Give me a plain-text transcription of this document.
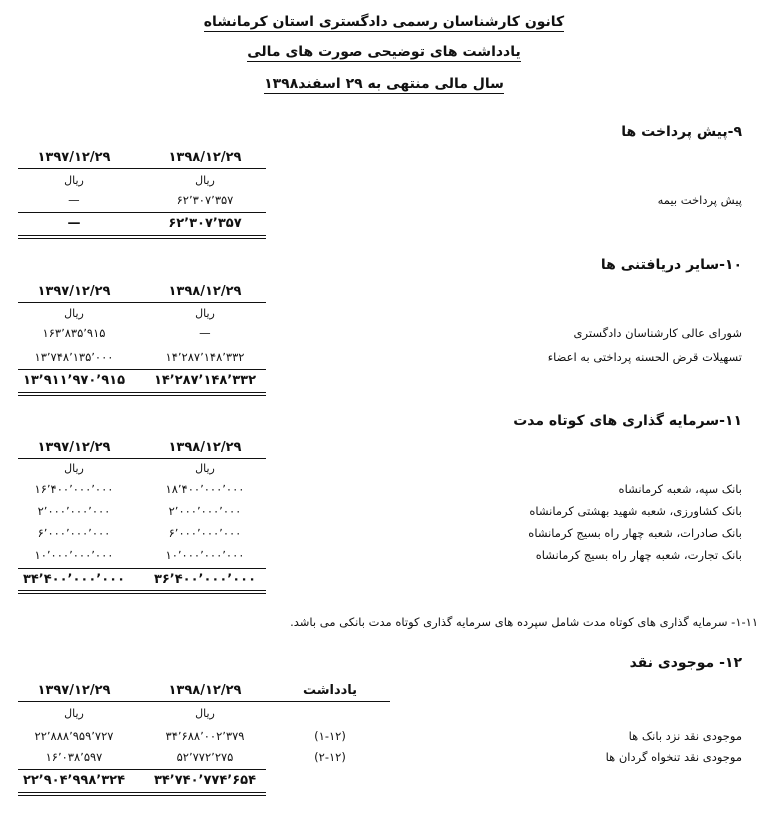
کانون کارشناسان رسمی دادگستری استان کرمانشاه
یادداشت های توضیحی صورت های مالی
سال مالی منتهی به ۲۹ اسفند۱۳۹۸
۹-پیش پرداخت ها
۱۳۹۸/۱۲/۲۹
۱۳۹۷/۱۲/۲۹
ریال
ریال
پیش پرداخت بیمه
۶۲٬۳۰۷٬۳۵۷
—
۶۲٬۳۰۷٬۳۵۷
—
۱۰-سایر دریافتنی ها
۱۳۹۸/۱۲/۲۹
۱۳۹۷/۱۲/۲۹
ریال
ریال
شورای عالی کارشناسان دادگستری
—
۱۶۳٬۸۳۵٬۹۱۵
تسهیلات قرض الحسنه پرداختی به اعضاء
۱۴٬۲۸۷٬۱۴۸٬۳۳۲
۱۳٬۷۴۸٬۱۳۵٬۰۰۰
۱۴٬۲۸۷٬۱۴۸٬۳۳۲
۱۳٬۹۱۱٬۹۷۰٬۹۱۵
۱۱-سرمایه گذاری های کوتاه مدت
۱۳۹۸/۱۲/۲۹
۱۳۹۷/۱۲/۲۹
ریال
ریال
بانک سپه، شعبه کرمانشاه
۱۸٬۴۰۰٬۰۰۰٬۰۰۰
۱۶٬۴۰۰٬۰۰۰٬۰۰۰
بانک کشاورزی، شعبه شهید بهشتی کرمانشاه
۲٬۰۰۰٬۰۰۰٬۰۰۰
۲٬۰۰۰٬۰۰۰٬۰۰۰
بانک صادرات، شعبه چهار راه بسیج کرمانشاه
۶٬۰۰۰٬۰۰۰٬۰۰۰
۶٬۰۰۰٬۰۰۰٬۰۰۰
بانک تجارت، شعبه چهار راه بسیج کرمانشاه
۱۰٬۰۰۰٬۰۰۰٬۰۰۰
۱۰٬۰۰۰٬۰۰۰٬۰۰۰
۳۶٬۴۰۰٬۰۰۰٬۰۰۰
۳۴٬۴۰۰٬۰۰۰٬۰۰۰
۱-۱۱- سرمایه گذاری های کوتاه مدت شامل سپرده های سرمایه گذاری کوتاه مدت بانکی می باشد.
۱۲- موجودی نقد
یادداشت
۱۳۹۸/۱۲/۲۹
۱۳۹۷/۱۲/۲۹
ریال
ریال
موجودی نقد نزد بانک ها
(۱-۱۲)
۳۴٬۶۸۸٬۰۰۲٬۳۷۹
۲۲٬۸۸۸٬۹۵۹٬۷۲۷
موجودی نقد تنخواه گردان ها
(۲-۱۲)
۵۲٬۷۷۲٬۲۷۵
۱۶٬۰۳۸٬۵۹۷
۳۴٬۷۴۰٬۷۷۴٬۶۵۴
۲۲٬۹۰۴٬۹۹۸٬۳۲۴
